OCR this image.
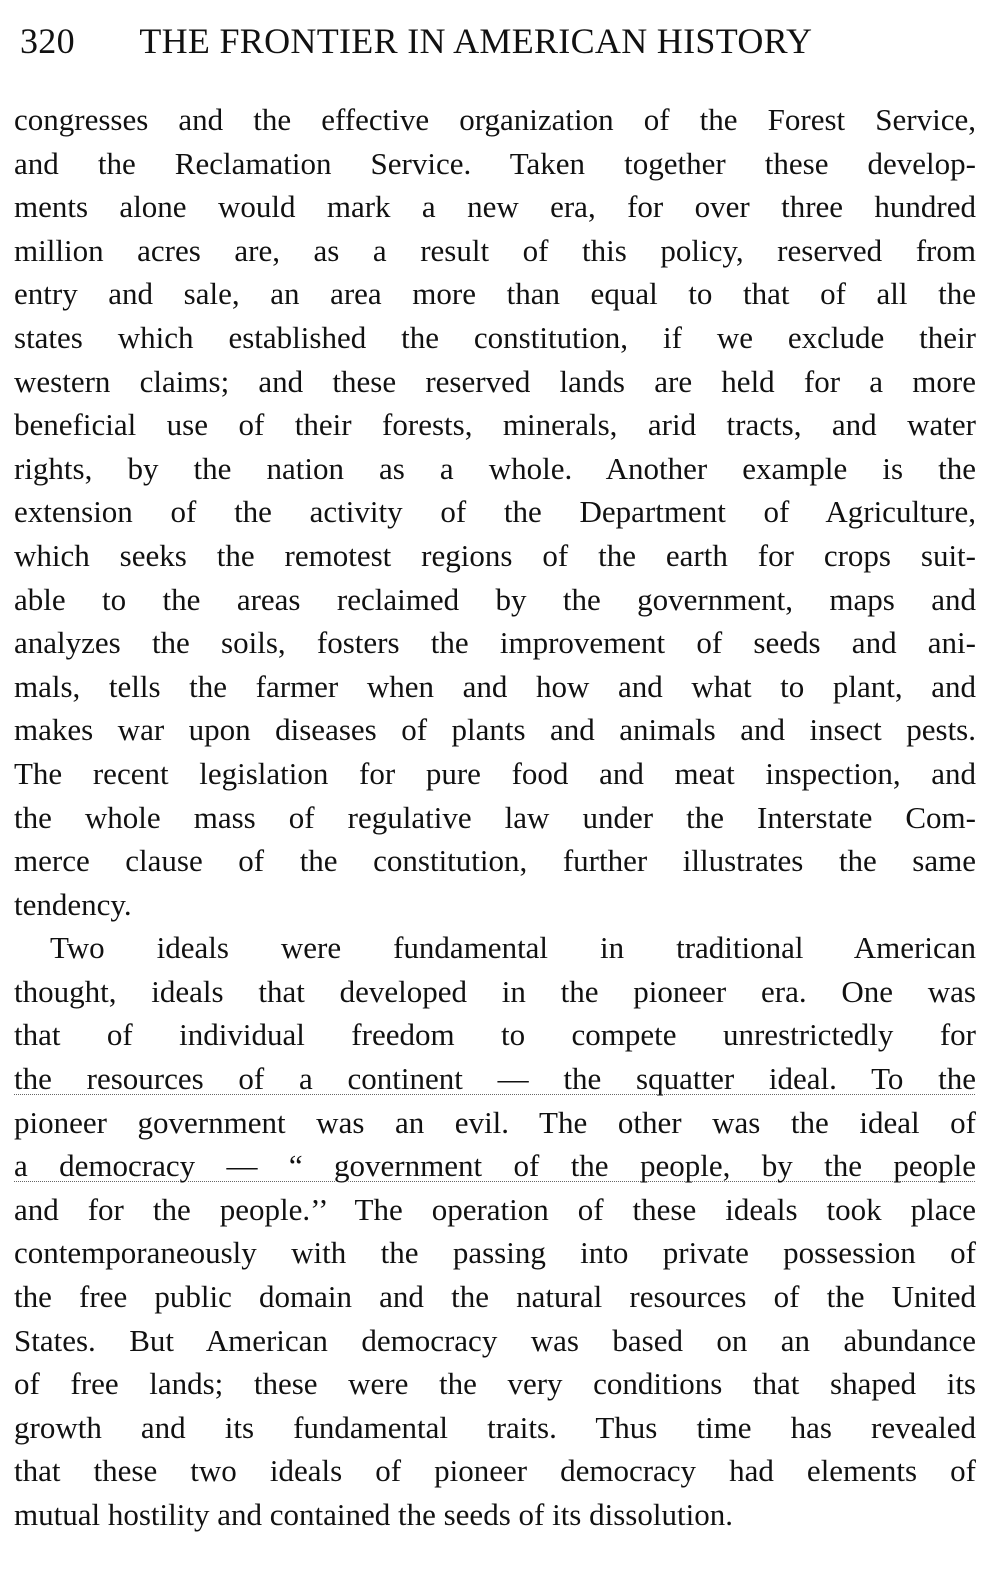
320 THE FRONTIER IN AMERICAN HISTORY
congresses and the effective organization of the Forest Service,
and the Reclamation Service. Taken together these develop-
ments alone would mark a new era, for over three hundred
million acres are, as a result of this policy, reserved from
entry and sale, an area more than equal to that of all the
states which established the constitution, if we exclude their
western claims; and these reserved lands are held for a more
beneficial use of their forests, minerals, arid tracts, and water
rights, by the nation as a whole. Another example is the
extension of the activity of the Department of Agriculture,
which seeks the remotest regions of the earth for crops suit-
able to the areas reclaimed by the government, maps and
analyzes the soils, fosters the improvement of seeds and ani-
mals, tells the farmer when and how and what to plant, and
makes war upon diseases of plants and animals and insect pests.
The recent legislation for pure food and meat inspection, and
the whole mass of regulative law under the Interstate Com-
merce clause of the constitution, further illustrates the same
tendency.
Two ideals were fundamental in traditional American
thought, ideals that developed in the pioneer era. One was
that of individual freedom to compete unrestrictedly for
the resources of a continent — the squatter ideal. To the
pioneer government was an evil. The other was the ideal of
a democracy — “ government of the people, by the people
and for the people.’’ The operation of these ideals took place
contemporaneously with the passing into private possession of
the free public domain and the natural resources of the United
States. But American democracy was based on an abundance
of free lands; these were the very conditions that shaped its
growth and its fundamental traits. Thus time has revealed
that these two ideals of pioneer democracy had elements of
mutual hostility and contained the seeds of its dissolution.
